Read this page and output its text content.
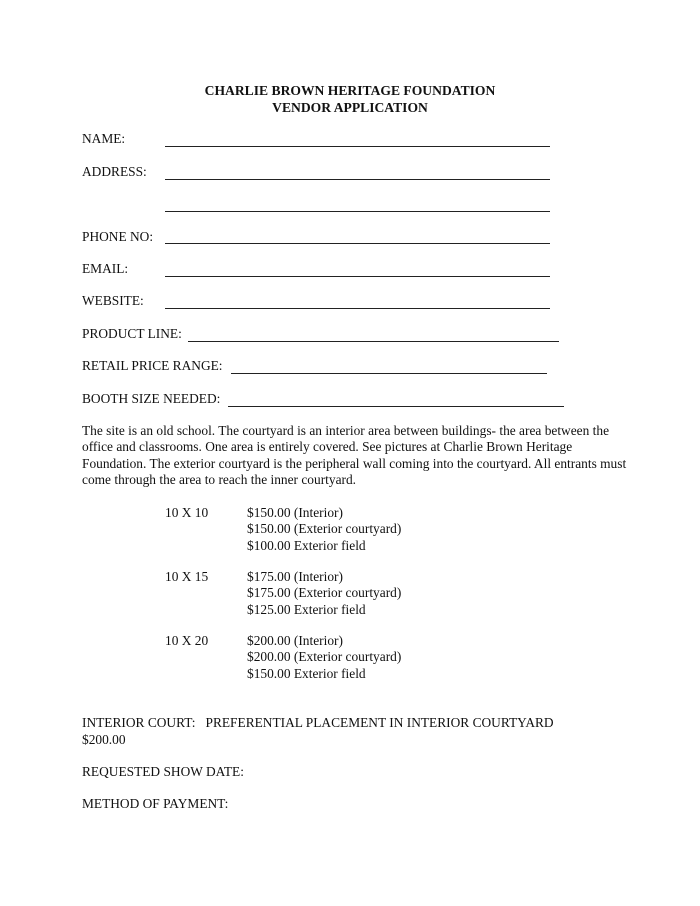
CHARLIE BROWN HERITAGE FOUNDATION
VENDOR APPLICATION
NAME:
ADDRESS:
PHONE NO:
EMAIL:
WEBSITE:
PRODUCT LINE:
RETAIL PRICE RANGE:
BOOTH SIZE NEEDED:
The site is an old school. The courtyard is an interior area between buildings- the area between the office and classrooms. One area is entirely covered. See pictures at Charlie Brown Heritage Foundation. The exterior courtyard is the peripheral wall coming into the courtyard. All entrants must come through the area to reach the inner courtyard.
10 X 10	$150.00 (Interior)
$150.00 (Exterior courtyard)
$100.00 Exterior field
10 X 15	$175.00 (Interior)
$175.00 (Exterior courtyard)
$125.00 Exterior field
10 X 20	$200.00 (Interior)
$200.00 (Exterior courtyard)
$150.00 Exterior field
INTERIOR COURT:   PREFERENTIAL PLACEMENT IN INTERIOR COURTYARD
$200.00
REQUESTED SHOW DATE:
METHOD OF PAYMENT:
